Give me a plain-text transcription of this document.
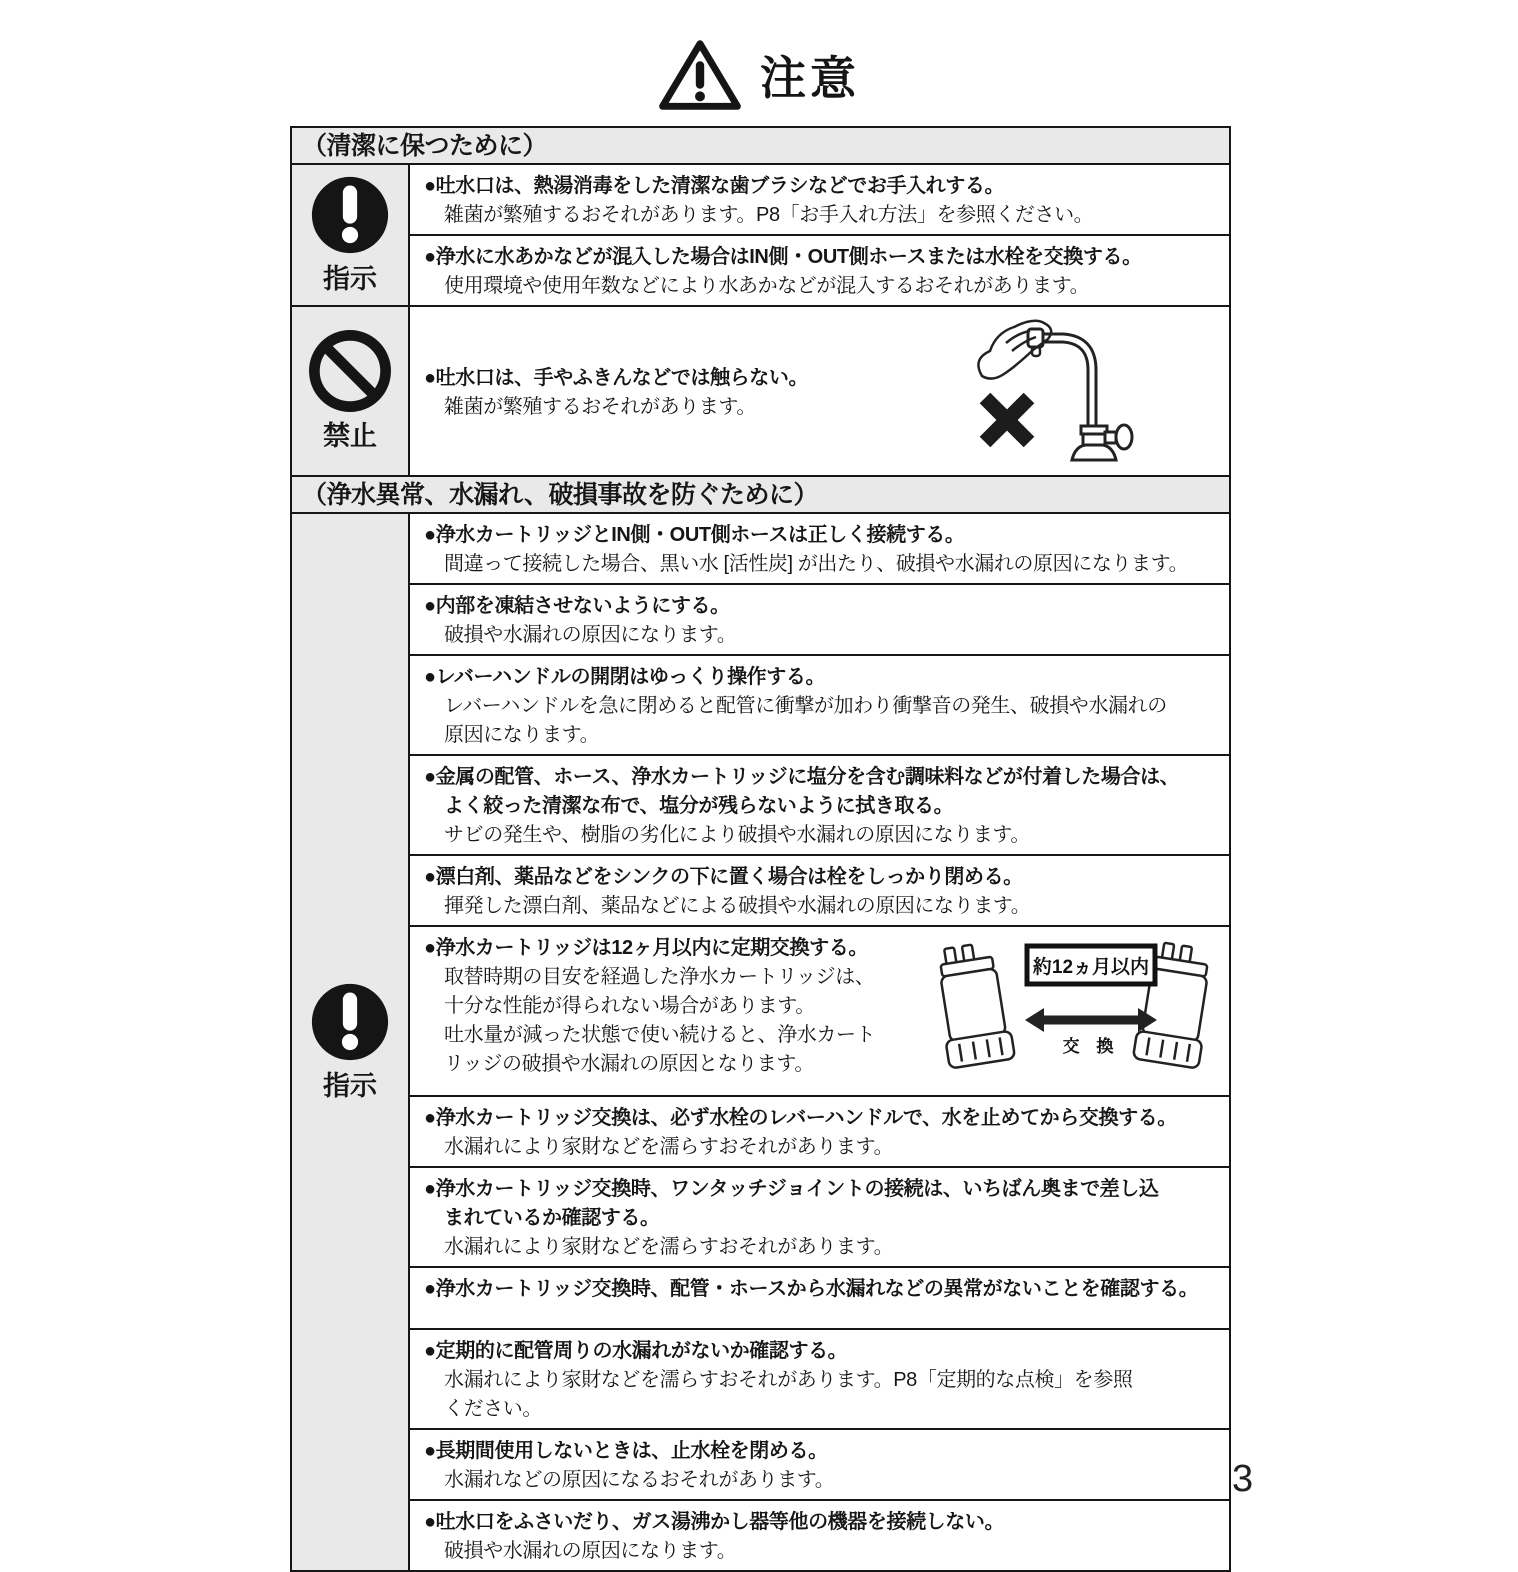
注意
（清潔に保つために）
指示
●吐水口は、熱湯消毒をした清潔な歯ブラシなどでお手入れする。
雑菌が繁殖するおそれがあります。P8「お手入れ方法」を参照ください。
●浄水に水あかなどが混入した場合はIN側・OUT側ホースまたは水栓を交換する。
使用環境や使用年数などにより水あかなどが混入するおそれがあります。
禁止
●吐水口は、手やふきんなどでは触らない。
雑菌が繁殖するおそれがあります。
（浄水異常、水漏れ、破損事故を防ぐために）
指示
●浄水カートリッジとIN側・OUT側ホースは正しく接続する。
間違って接続した場合、黒い水 [活性炭] が出たり、破損や水漏れの原因になります。
●内部を凍結させないようにする。
破損や水漏れの原因になります。
●レバーハンドルの開閉はゆっくり操作する。
レバーハンドルを急に閉めると配管に衝撃が加わり衝撃音の発生、破損や水漏れの
原因になります。
●金属の配管、ホース、浄水カートリッジに塩分を含む調味料などが付着した場合は、
よく絞った清潔な布で、塩分が残らないように拭き取る。
サビの発生や、樹脂の劣化により破損や水漏れの原因になります。
●漂白剤、薬品などをシンクの下に置く場合は栓をしっかり閉める。
揮発した漂白剤、薬品などによる破損や水漏れの原因になります。
●浄水カートリッジは12ヶ月以内に定期交換する。
取替時期の目安を経過した浄水カートリッジは、
十分な性能が得られない場合があります。
吐水量が減った状態で使い続けると、浄水カート
リッジの破損や水漏れの原因となります。
約12ヵ月以内
交 換
●浄水カートリッジ交換は、必ず水栓のレバーハンドルで、水を止めてから交換する。
水漏れにより家財などを濡らすおそれがあります。
●浄水カートリッジ交換時、ワンタッチジョイントの接続は、いちばん奥まで差し込
まれているか確認する。
水漏れにより家財などを濡らすおそれがあります。
●浄水カートリッジ交換時、配管・ホースから水漏れなどの異常がないことを確認する。
●定期的に配管周りの水漏れがないか確認する。
水漏れにより家財などを濡らすおそれがあります。P8「定期的な点検」を参照
ください。
●長期間使用しないときは、止水栓を閉める。
水漏れなどの原因になるおそれがあります。
●吐水口をふさいだり、ガス湯沸かし器等他の機器を接続しない。
破損や水漏れの原因になります。
3
